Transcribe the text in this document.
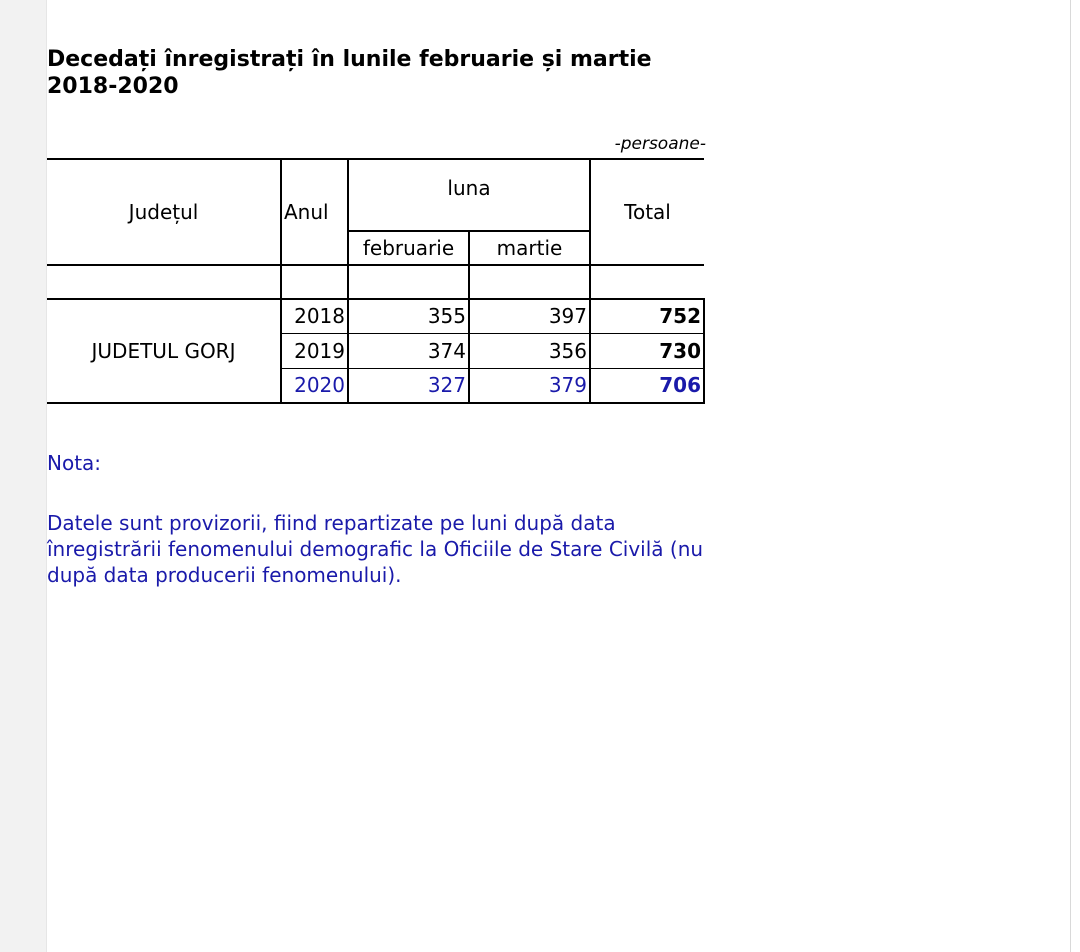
Decedați înregistrați în lunile februarie și martie 2018-2020
-persoane-
Județul	Anul	luna		Total
		februarie	martie	

JUDETUL GORJ	2018	355	397	752
	2019	374	356	730
	2020	327	379	706
Nota:
Datele sunt provizorii, fiind repartizate pe luni după data înregistrării fenomenului demografic la Oficiile de Stare Civilă (nu după data producerii fenomenului).
